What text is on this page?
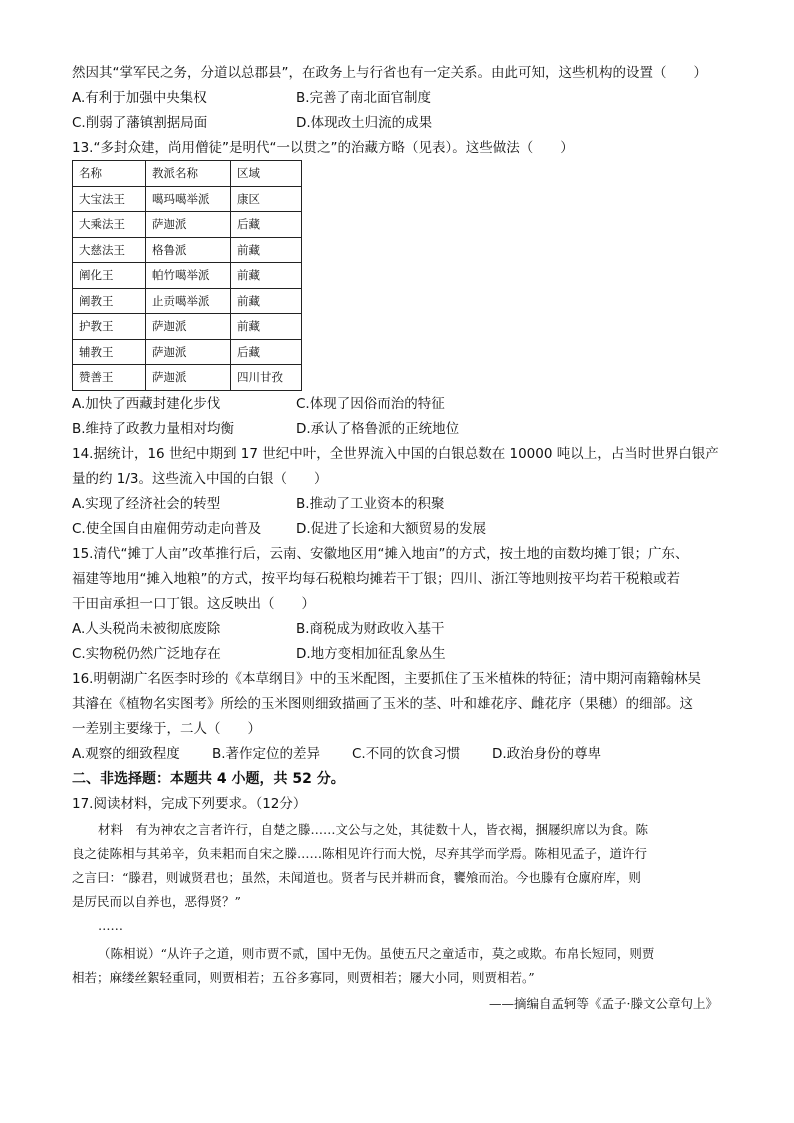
然因其“掌军民之务，分道以总郡县”，在政务上与行省也有一定关系。由此可知，这些机构的设置（　　）
A.有利于加强中央集权	B.完善了南北面官制度
C.削弱了藩镇割据局面	D.体现改土归流的成果
13.“多封众建，尚用僧徒”是明代“一以贯之”的治藏方略（见表）。这些做法（　　）
名称	教派名称	区域
大宝法王	噶玛噶举派	康区
大乘法王	萨迦派	后藏
大慈法王	格鲁派	前藏
阐化王	帕竹噶举派	前藏
阐教王	止贡噶举派	前藏
护教王	萨迦派	前藏
辅教王	萨迦派	后藏
赞善王	萨迦派	四川甘孜
A.加快了西藏封建化步伐	C.体现了因俗而治的特征
B.维持了政教力量相对均衡	D.承认了格鲁派的正统地位
14.据统计，16 世纪中期到 17 世纪中叶，全世界流入中国的白银总数在 10000 吨以上，占当时世界白银产
量的约 1/3。这些流入中国的白银（　　）
A.实现了经济社会的转型	B.推动了工业资本的积聚
C.使全国自由雇佣劳动走向普及	D.促进了长途和大额贸易的发展
15.清代“摊丁人亩”改革推行后，云南、安徽地区用“摊入地亩”的方式，按土地的亩数均摊丁银；广东、
福建等地用“摊入地粮”的方式，按平均每石税粮均摊若干丁银；四川、浙江等地则按平均若干税粮或若
干田亩承担一口丁银。这反映出（　　）
A.人头税尚未被彻底废除	B.商税成为财政收入基干
C.实物税仍然广泛地存在	D.地方变相加征乱象丛生
16.明朝湖广名医李时珍的《本草纲目》中的玉米配图，主要抓住了玉米植株的特征；清中期河南籍翰林吴
其濬在《植物名实图考》所绘的玉米图则细致描画了玉米的茎、叶和雄花序、雌花序（果穗）的细部。这
一差别主要缘于，二人（　　）
A.观察的细致程度 B.著作定位的差异 C.不同的饮食习惯 D.政治身份的尊卑
二、非选择题：本题共 4 小题，共 52 分。
17.阅读材料，完成下列要求。（12分）
材料　有为神农之言者许行，自楚之滕……文公与之处，其徒数十人，皆衣褐，捆屦织席以为食。陈
良之徒陈相与其弟辛，负耒耜而自宋之滕……陈相见许行而大悦，尽弃其学而学焉。陈相见孟子，道许行
之言曰：“滕君，则诚贤君也；虽然，未闻道也。贤者与民并耕而食，饔飧而治。今也滕有仓廪府库，则
是厉民而以自养也，恶得贤？”
……
（陈相说）“从许子之道，则市贾不贰，国中无伪。虽使五尺之童适市，莫之或欺。布帛长短同，则贾
相若；麻缕丝絮轻重同，则贾相若；五谷多寡同，则贾相若；屦大小同，则贾相若。”
——摘编自孟轲等《孟子·滕文公章句上》
